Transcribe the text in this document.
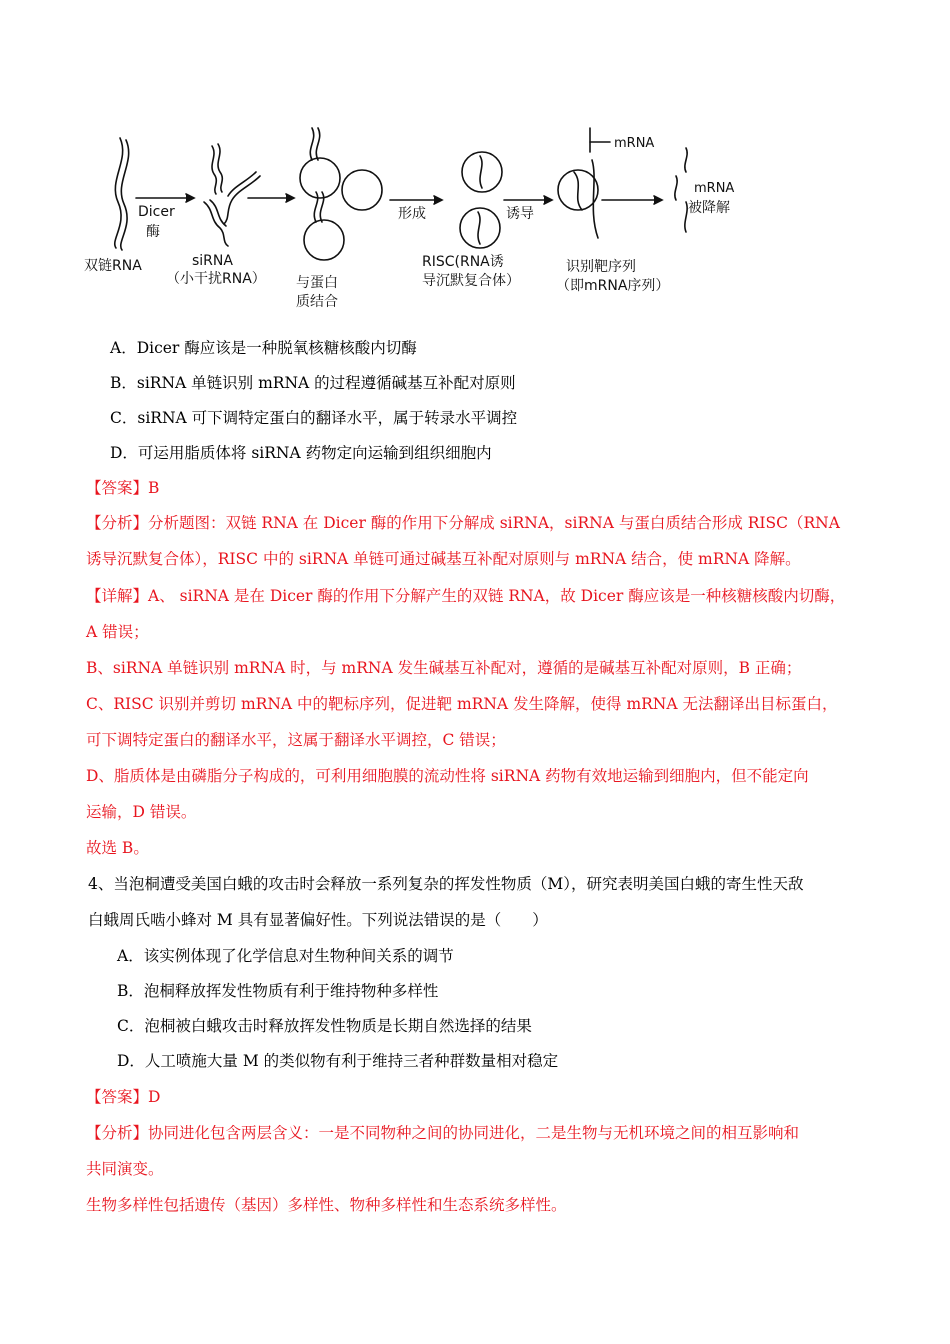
双链RNA
Dicer
酶
siRNA
（小干扰RNA） 与蛋白
质结合
形成
RISC(RNA诱
导沉默复合体）
诱导
mRNA
识别靶序列
（即mRNA序列）
mRNA
被降解
A．Dicer 酶应该是一种脱氧核糖核酸内切酶
B．siRNA 单链识别 mRNA 的过程遵循碱基互补配对原则
C．siRNA 可下调特定蛋白的翻译水平，属于转录水平调控
D．可运用脂质体将 siRNA 药物定向运输到组织细胞内
【答案】B
【分析】分析题图：双链 RNA 在 Dicer 酶的作用下分解成 siRNA，siRNA 与蛋白质结合形成 RISC（RNA
诱导沉默复合体），RISC 中的 siRNA 单链可通过碱基互补配对原则与 mRNA 结合，使 mRNA 降解。
【详解】A、 siRNA 是在 Dicer 酶的作用下分解产生的双链 RNA，故 Dicer 酶应该是一种核糖核酸内切酶，
A 错误；
B、siRNA 单链识别 mRNA 时，与 mRNA 发生碱基互补配对，遵循的是碱基互补配对原则，B 正确；
C、RISC 识别并剪切 mRNA 中的靶标序列，促进靶 mRNA 发生降解，使得 mRNA 无法翻译出目标蛋白，
可下调特定蛋白的翻译水平，这属于翻译水平调控，C 错误；
D、脂质体是由磷脂分子构成的，可利用细胞膜的流动性将 siRNA 药物有效地运输到细胞内，但不能定向
运输，D 错误。
故选 B。
4、当泡桐遭受美国白蛾的攻击时会释放一系列复杂的挥发性物质（M），研究表明美国白蛾的寄生性天敌
白蛾周氏啮小蜂对 M 具有显著偏好性。下列说法错误的是（　　）
A．该实例体现了化学信息对生物种间关系的调节
B．泡桐释放挥发性物质有利于维持物种多样性
C．泡桐被白蛾攻击时释放挥发性物质是长期自然选择的结果
D．人工喷施大量 M 的类似物有利于维持三者种群数量相对稳定
【答案】D
【分析】协同进化包含两层含义：一是不同物种之间的协同进化，二是生物与无机环境之间的相互影响和
共同演变。
生物多样性包括遗传（基因）多样性、物种多样性和生态系统多样性。
